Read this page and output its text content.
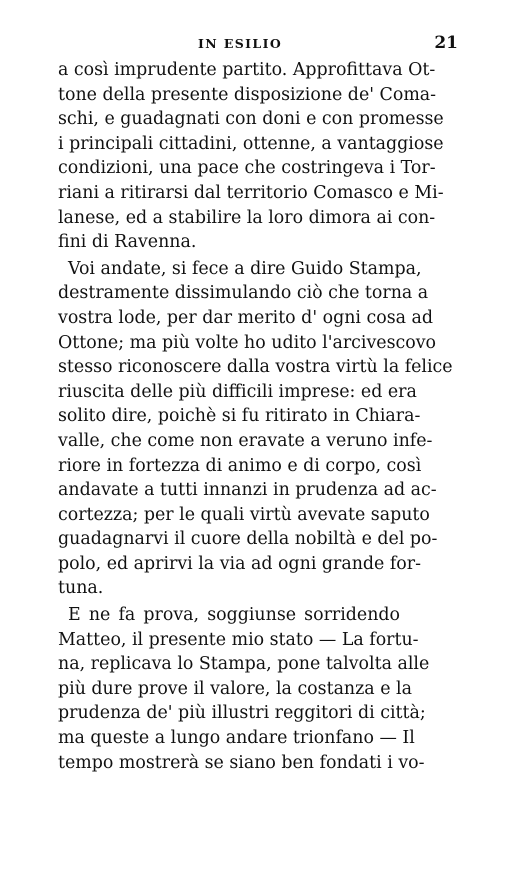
IN ESILIO	21
a così imprudente partito. Approfittava Ot-
tone della presente disposizione de' Coma-
schi, e guadagnati con doni e con promesse
i principali cittadini, ottenne, a vantaggiose
condizioni, una pace che costringeva i Tor-
riani a ritirarsi dal territorio Comasco e Mi-
lanese, ed a stabilire la loro dimora ai con-
fini di Ravenna.
Voi andate, si fece a dire Guido Stampa,
destramente dissimulando ciò che torna a
vostra lode, per dar merito d' ogni cosa ad
Ottone; ma più volte ho udito l'arcivescovo
stesso riconoscere dalla vostra virtù la felice
riuscita delle più difficili imprese: ed era
solito dire, poichè si fu ritirato in Chiara-
valle, che come non eravate a veruno infe-
riore in fortezza di animo e di corpo, così
andavate a tutti innanzi in prudenza ad ac-
cortezza; per le quali virtù avevate saputo
guadagnarvi il cuore della nobiltà e del po-
polo, ed aprirvi la via ad ogni grande for-
tuna.
E ne fa prova, soggiunse sorridendo
Matteo, il presente mio stato — La fortu-
na, replicava lo Stampa, pone talvolta alle
più dure prove il valore, la costanza e la
prudenza de' più illustri reggitori di città;
ma queste a lungo andare trionfano — Il
tempo mostrerà se siano ben fondati i vo-
